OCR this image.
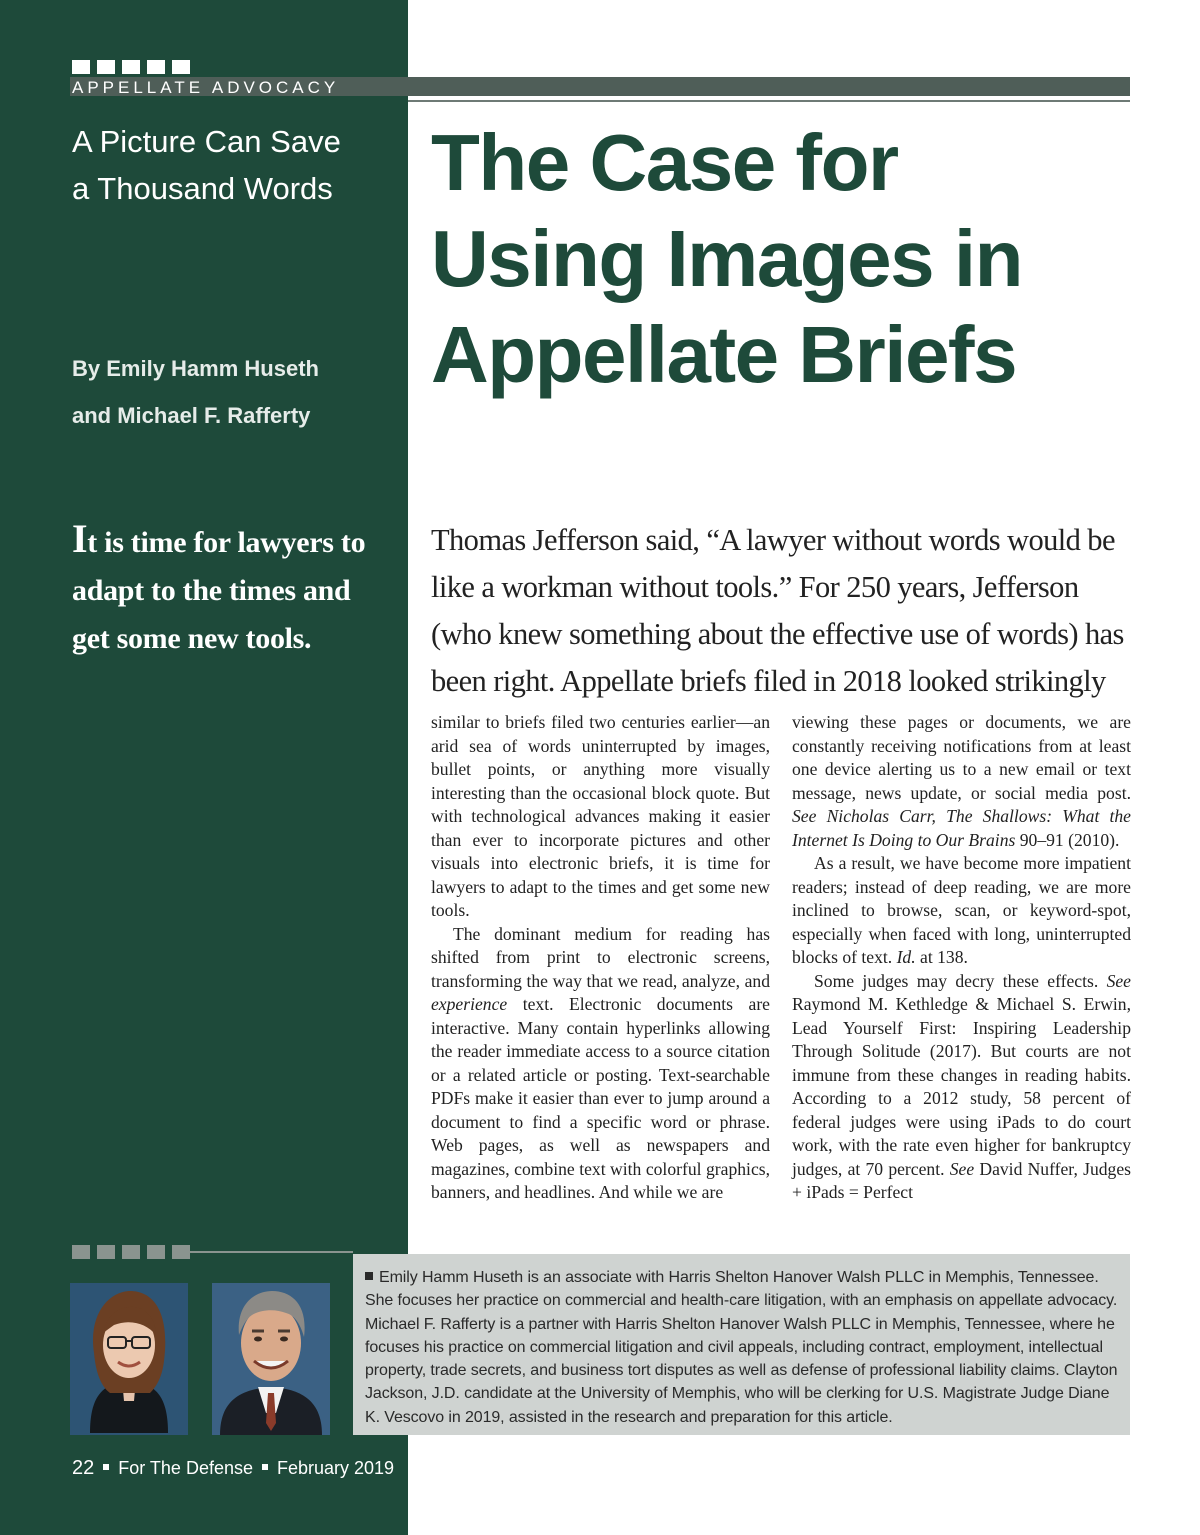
APPELLATE ADVOCACY
A Picture Can Save
a Thousand Words
By Emily Hamm Huseth
and Michael F. Rafferty
It is time for lawyers to adapt to the times and get some new tools.
The Case for
Using Images in
Appellate Briefs

Thomas Jefferson said, “A lawyer without words would be like a workman without tools.” For 250 years, Jefferson (who knew something about the effective use of words) has been right. Appellate briefs filed in 2018 looked strikingly

similar to briefs filed two centuries earlier—an arid sea of words uninterrupted by images, bullet points, or anything more visually interesting than the occasional block quote. But with technological advances making it easier than ever to incorporate pictures and other visuals into electronic briefs, it is time for lawyers to adapt to the times and get some new tools.

The dominant medium for reading has shifted from print to electronic screens, transforming the way that we read, analyze, and experience text. Electronic documents are interactive. Many contain hyperlinks allowing the reader immediate access to a source citation or a related article or posting. Text-searchable PDFs make it easier than ever to jump around a document to find a specific word or phrase. Web pages, as well as newspapers and magazines, combine text with colorful graphics, banners, and headlines. And while we are

viewing these pages or documents, we are constantly receiving notifications from at least one device alerting us to a new email or text message, news update, or social media post. See Nicholas Carr, The Shallows: What the Internet Is Doing to Our Brains 90–91 (2010).

As a result, we have become more impatient readers; instead of deep reading, we are more inclined to browse, scan, or keyword-spot, especially when faced with long, uninterrupted blocks of text. Id. at 138.

Some judges may decry these effects. See Raymond M. Kethledge & Michael S. Erwin, Lead Yourself First: Inspiring Leadership Through Solitude (2017). But courts are not immune from these changes in reading habits. According to a 2012 study, 58 percent of federal judges were using iPads to do court work, with the rate even higher for bankruptcy judges, at 70 percent. See David Nuffer, Judges + iPads = Perfect

Emily Hamm Huseth is an associate with Harris Shelton Hanover Walsh PLLC in Memphis, Tennessee. She focuses her practice on commercial and health-care litigation, with an emphasis on appellate advocacy. Michael F. Rafferty is a partner with Harris Shelton Hanover Walsh PLLC in Memphis, Tennessee, where he focuses his practice on commercial litigation and civil appeals, including contract, employment, intellectual property, trade secrets, and business tort disputes as well as defense of professional liability claims. Clayton Jackson, J.D. candidate at the University of Memphis, who will be clerking for U.S. Magistrate Judge Diane K. Vescovo in 2019, assisted in the research and preparation for this article.

22 For The Defense February 2019
